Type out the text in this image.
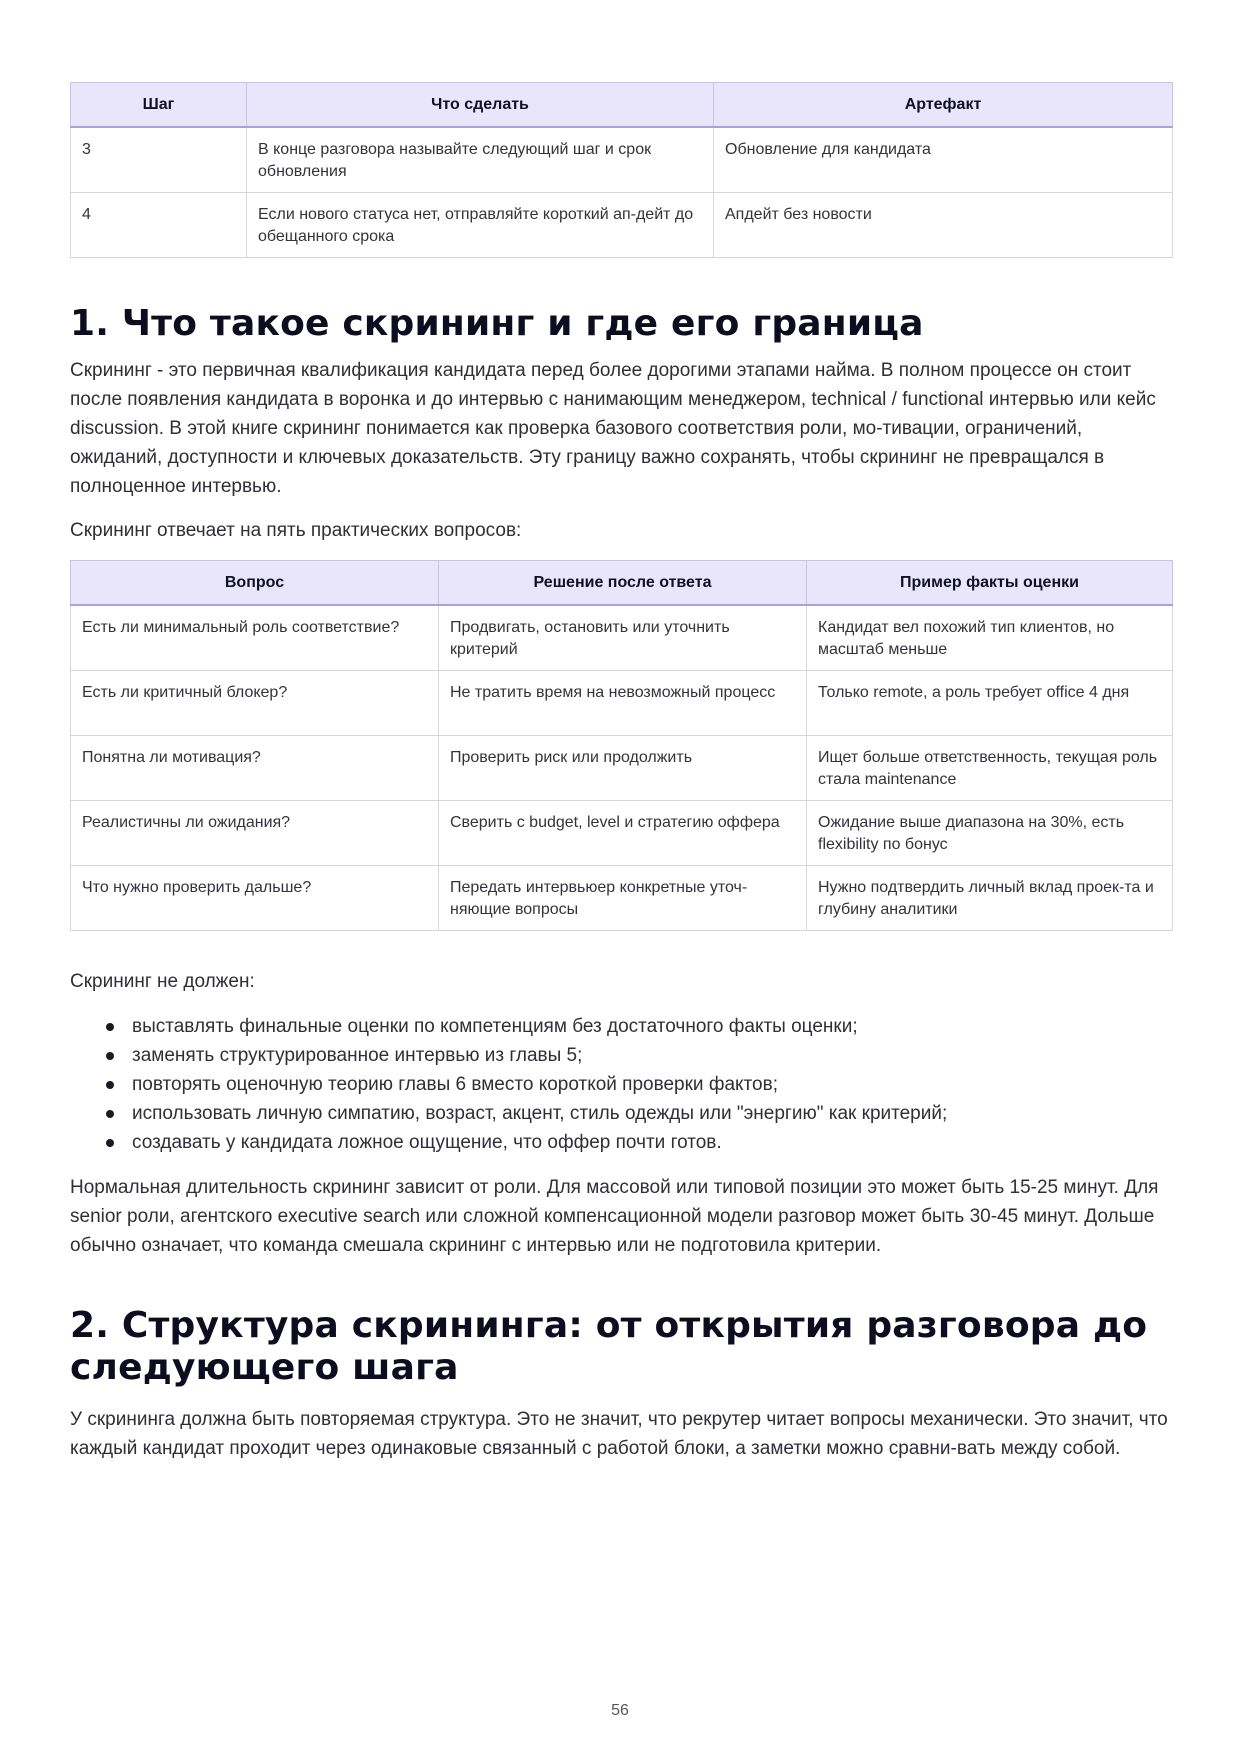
Шаг	Что сделать	Артефакт
3	В конце разговора называйте следующий шаг и срок обновления	Обновление для кандидата
4	Если нового статуса нет, отправляйте короткий ап-дейт до обещанного срока	Апдейт без новости
1. Что такое скрининг и где его граница

Скрининг - это первичная квалификация кандидата перед более дорогими этапами найма. В полном процессе он стоит после появления кандидата в воронка и до интервью с нанимающим менеджером, technical / functional интервью или кейс discussion. В этой книге скрининг понимается как проверка базового соответствия роли, мо-тивации, ограничений, ожиданий, доступности и ключевых доказательств. Эту границу важно сохранять, чтобы скрининг не превращался в полноценное интервью.

Скрининг отвечает на пять практических вопросов:

Вопрос	Решение после ответа	Пример факты оценки
Есть ли минимальный роль соответствие?	Продвигать, остановить или уточнить критерий	Кандидат вел похожий тип клиентов, но масштаб меньше
Есть ли критичный блокер?	Не тратить время на невозможный процесс	Только remote, а роль требует office 4 дня
Понятна ли мотивация?	Проверить риск или продолжить	Ищет больше ответственность, текущая роль стала maintenance
Реалистичны ли ожидания?	Сверить с budget, level и стратегию оффера	Ожидание выше диапазона на 30%, есть flexibility по бонус
Что нужно проверить дальше?	Передать интервьюер конкретные уточ-няющие вопросы	Нужно подтвердить личный вклад проек-та и глубину аналитики

Скрининг не должен:

выставлять финальные оценки по компетенциям без достаточного факты оценки;
заменять структурированное интервью из главы 5;
повторять оценочную теорию главы 6 вместо короткой проверки фактов;
использовать личную симпатию, возраст, акцент, стиль одежды или "энергию" как критерий;
создавать у кандидата ложное ощущение, что оффер почти готов.

Нормальная длительность скрининг зависит от роли. Для массовой или типовой позиции это может быть 15-25 минут. Для senior роли, агентского executive search или сложной компенсационной модели разговор может быть 30-45 минут. Дольше обычно означает, что команда смешала скрининг с интервью или не подготовила критерии.

2. Структура скрининга: от открытия разговора до следующего шага

У скрининга должна быть повторяемая структура. Это не значит, что рекрутер читает вопросы механически. Это значит, что каждый кандидат проходит через одинаковые связанный с работой блоки, а заметки можно сравни-вать между собой.

56
